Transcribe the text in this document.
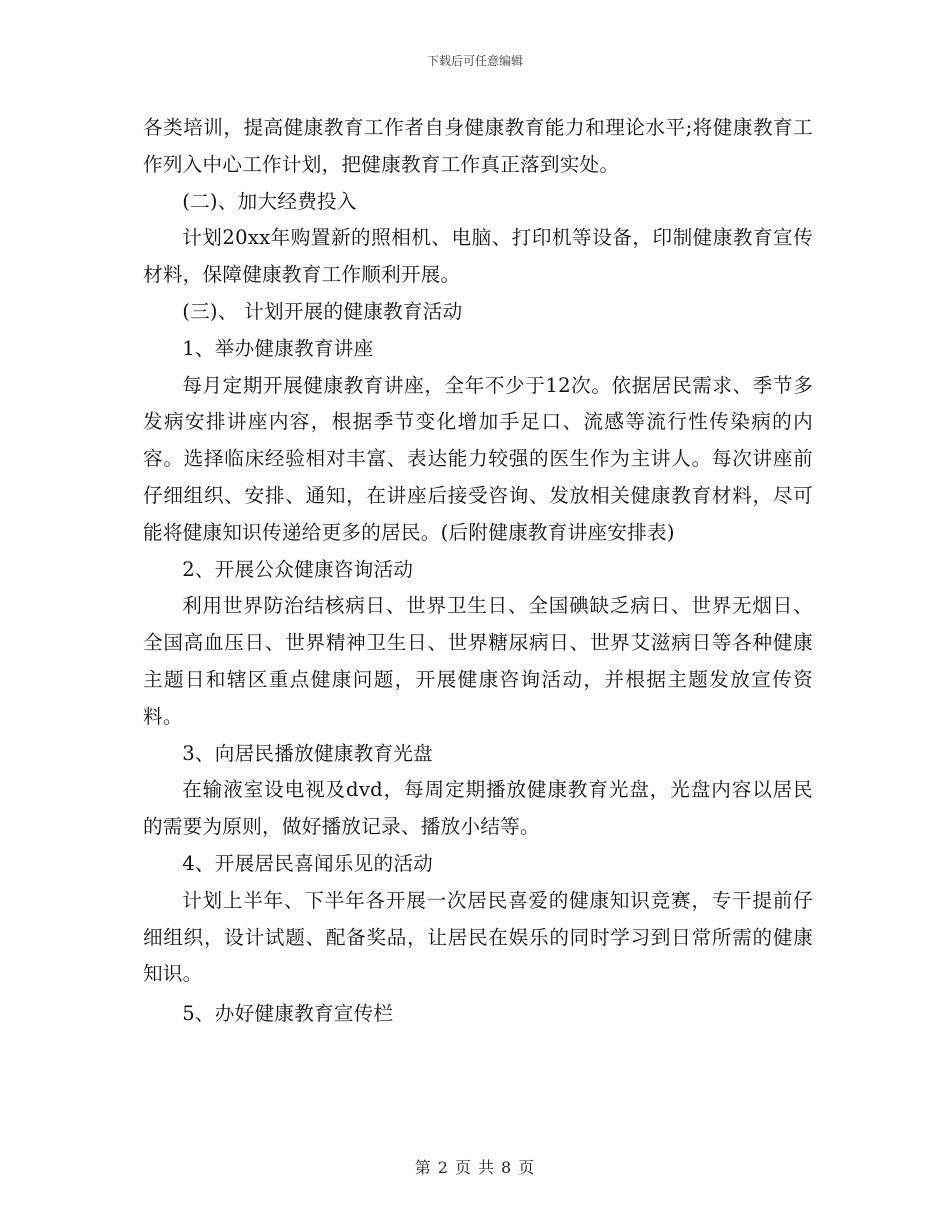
下载后可任意编辑

各类培训，提高健康教育工作者自身健康教育能力和理论水平;将健康教育工作列入中心工作计划，把健康教育工作真正落到实处。

(二)、加大经费投入

计划20xx年购置新的照相机、电脑、打印机等设备，印制健康教育宣传材料，保障健康教育工作顺利开展。

(三)、 计划开展的健康教育活动

1、举办健康教育讲座

每月定期开展健康教育讲座，全年不少于12次。依据居民需求、季节多发病安排讲座内容，根据季节变化增加手足口、流感等流行性传染病的内容。选择临床经验相对丰富、表达能力较强的医生作为主讲人。每次讲座前仔细组织、安排、通知，在讲座后接受咨询、发放相关健康教育材料，尽可能将健康知识传递给更多的居民。(后附健康教育讲座安排表)

2、开展公众健康咨询活动

利用世界防治结核病日、世界卫生日、全国碘缺乏病日、世界无烟日、全国高血压日、世界精神卫生日、世界糖尿病日、世界艾滋病日等各种健康主题日和辖区重点健康问题，开展健康咨询活动，并根据主题发放宣传资料。

3、向居民播放健康教育光盘

在输液室设电视及dvd，每周定期播放健康教育光盘，光盘内容以居民的需要为原则，做好播放记录、播放小结等。

4、开展居民喜闻乐见的活动

计划上半年、下半年各开展一次居民喜爱的健康知识竞赛，专干提前仔细组织，设计试题、配备奖品，让居民在娱乐的同时学习到日常所需的健康知识。

5、办好健康教育宣传栏

第 2 页 共 8 页
